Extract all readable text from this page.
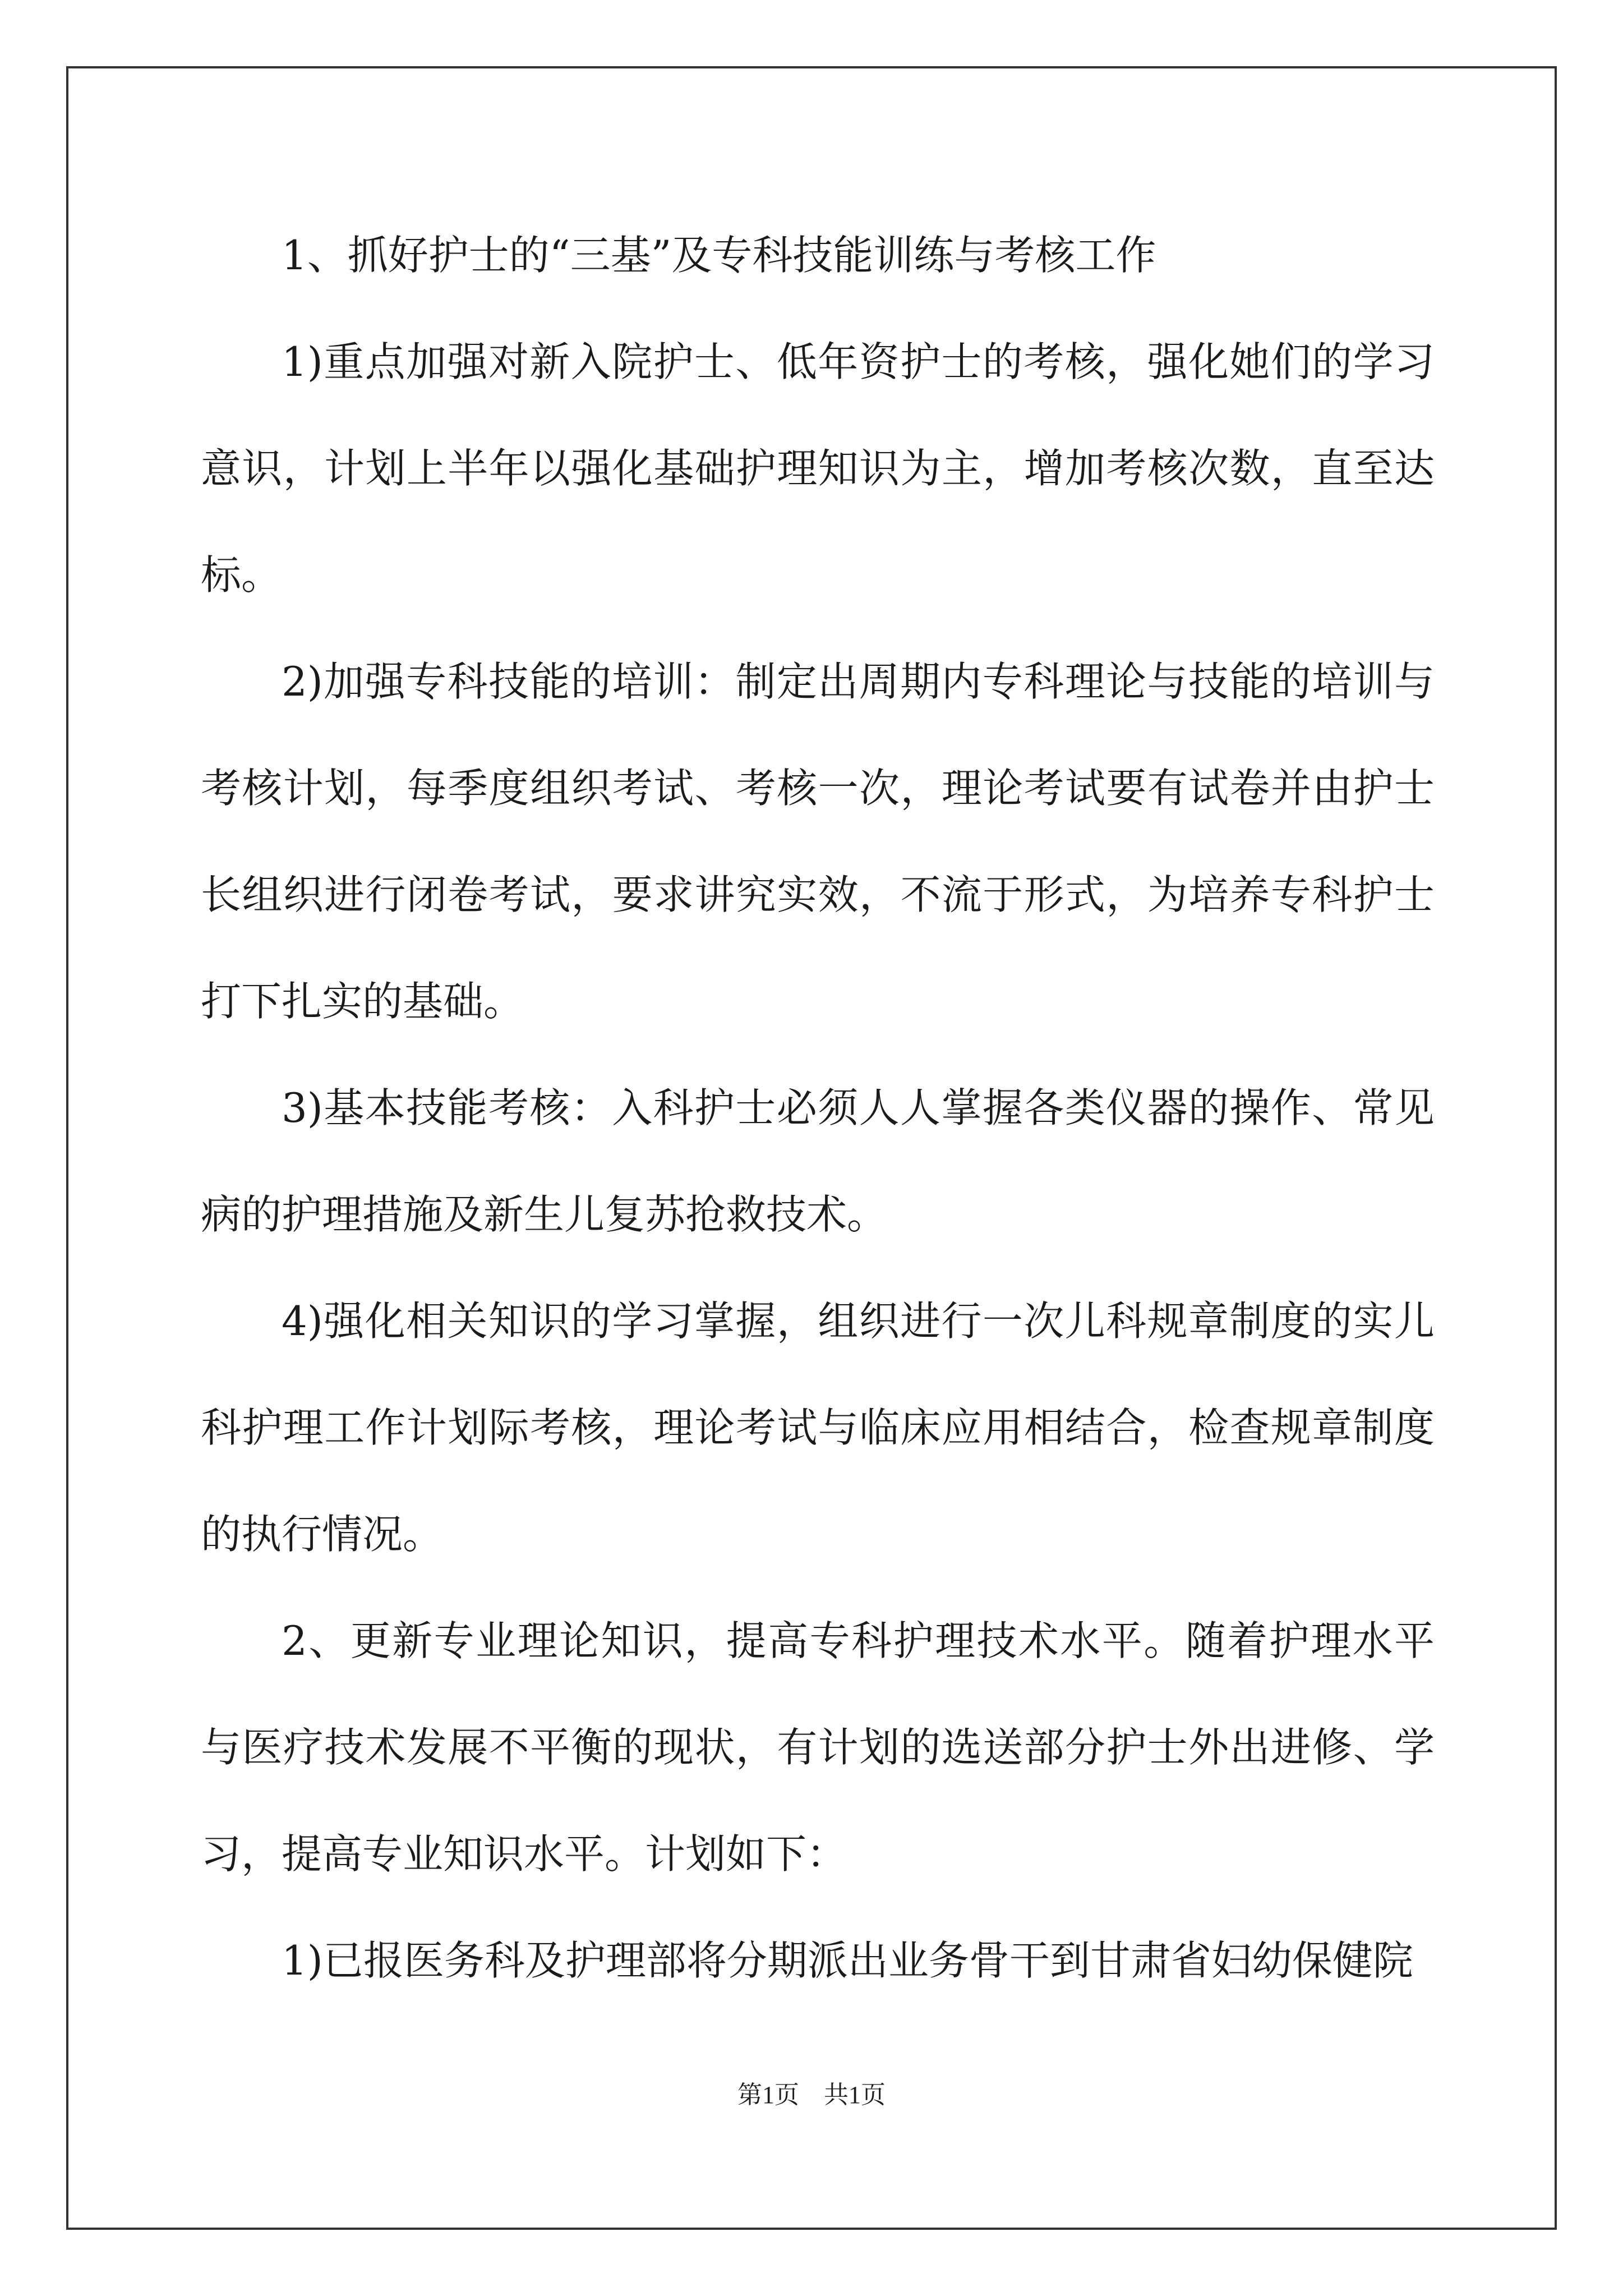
1、抓好护士的“三基”及专科技能训练与考核工作

1)重点加强对新入院护士、低年资护士的考核，强化她们的学习意识，计划上半年以强化基础护理知识为主，增加考核次数，直至达标。

2)加强专科技能的培训：制定出周期内专科理论与技能的培训与考核计划，每季度组织考试、考核一次，理论考试要有试卷并由护士长组织进行闭卷考试，要求讲究实效，不流于形式，为培养专科护士打下扎实的基础。

3)基本技能考核：入科护士必须人人掌握各类仪器的操作、常见病的护理措施及新生儿复苏抢救技术。

4)强化相关知识的学习掌握，组织进行一次儿科规章制度的实儿科护理工作计划际考核，理论考试与临床应用相结合，检查规章制度的执行情况。

2、更新专业理论知识，提高专科护理技术水平。随着护理水平与医疗技术发展不平衡的现状，有计划的选送部分护士外出进修、学习，提高专业知识水平。计划如下：

1)已报医务科及护理部将分期派出业务骨干到甘肃省妇幼保健院

第1页　共1页
